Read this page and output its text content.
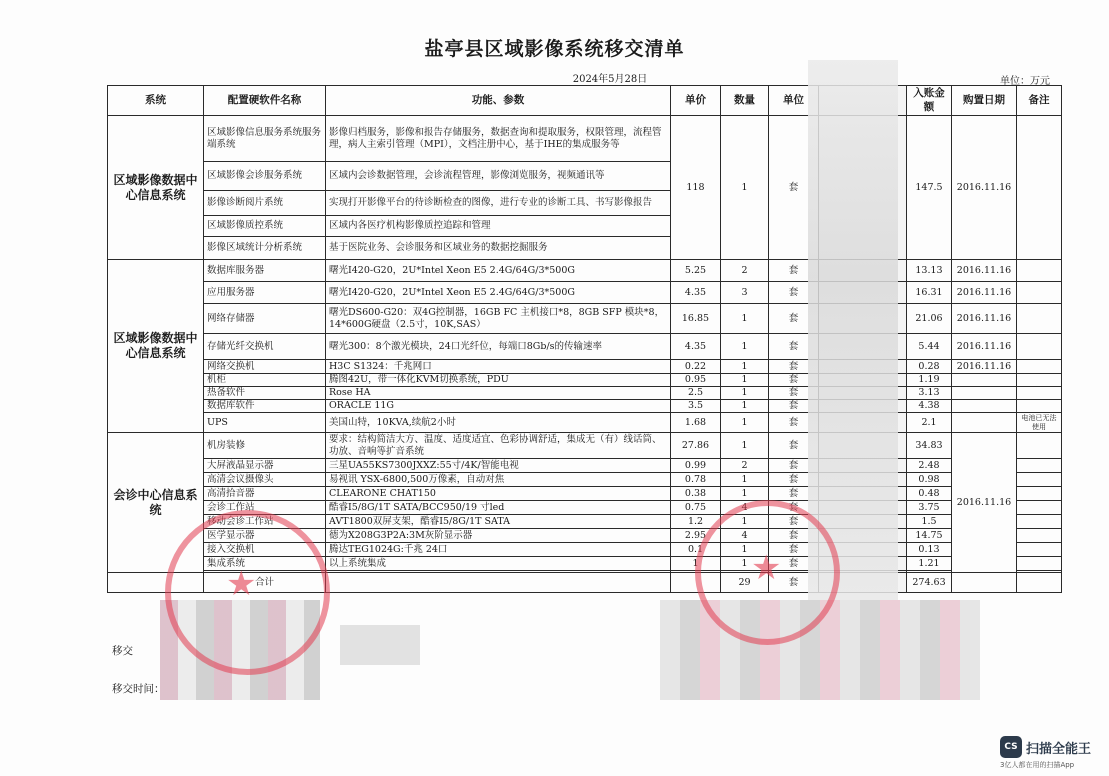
盐亭县区域影像系统移交清单
2024年5月28日	单位：万元
系统	配置硬软件名称	功能、参数	单价	数量	单位		入账金额	购置日期	备注
区域影像数据中心信息系统	区域影像信息服务系统服务端系统	影像归档服务，影像和报告存储服务，数据查询和提取服务，权限管理，流程管理，病人主索引管理（MPI），文档注册中心，基于IHE的集成服务等	118	1	套		147.5	2016.11.16	
	区域影像会诊服务系统	区域内会诊数据管理，会诊流程管理，影像浏览服务，视频通讯等							
	影像诊断阅片系统	实现打开影像平台的待诊断检查的图像，进行专业的诊断工具、书写影像报告							
	区域影像质控系统	区域内各医疗机构影像质控追踪和管理							
	影像区域统计分析系统	基于医院业务、会诊服务和区域业务的数据挖掘服务							
区域影像数据中心信息系统	数据库服务器	曙光I420-G20，2U*Intel Xeon E5 2.4G/64G/3*500G	5.25	2	套		13.13	2016.11.16	
	应用服务器	曙光I420-G20，2U*Intel Xeon E5 2.4G/64G/3*500G	4.35	3	套		16.31	2016.11.16	
	网络存储器	曙光DS600-G20：双4G控制器，16GB FC 主机接口*8，8GB SFP 模块*8，14*600G硬盘（2.5寸，10K,SAS）	16.85	1	套		21.06	2016.11.16	
	存储光纤交换机	曙光300：8个激光模块，24口光纤位，每端口8Gb/s的传输速率	4.35	1	套		5.44	2016.11.16	
	网络交换机	H3C S1324：千兆网口	0.22	1	套		0.28	2016.11.16	
	机柜	腾图42U，带一体化KVM切换系统，PDU	0.95	1	套		1.19		
	热备软件	Rose HA	2.5	1	套		3.13		
	数据库软件	ORACLE 11G	3.5	1	套		4.38		
	UPS	美国山特，10KVA,续航2小时	1.68	1	套		2.1		电池已无法使用
会诊中心信息系统	机房装修	要求：结构简洁大方、温度、适度适宜、色彩协调舒适，集成无（有）线话筒、功放、音响等扩音系统	27.86	1	套		34.83	2016.11.16	
	大屏液晶显示器	三星UA55KS7300JXXZ:55寸/4K/智能电视	0.99	2	套		2.48		
	高清会议摄像头	易视讯 YSX-6800,500万像素，自动对焦	0.78	1	套		0.98		
	高清拾音器	CLEARONE CHAT150	0.38	1	套		0.48		
	会诊工作站	酷睿I5/8G/1T SATA/BCC950/19 寸led	0.75	4	套		3.75		
	移动会诊工作站	AVT1800双屏支架，酷睿I5/8G/1T SATA	1.2	1	套		1.5		
	医学显示器	德为X208G3P2A:3M灰阶显示器	2.95	4	套		14.75		
	接入交换机	腾达TEG1024G:千兆 24口	0.1	1	套		0.13		
	集成系统	以上系统集成	1	1	套		1.21		

	合计			29	套		274.63		
★	★
移交
移交时间：
CS 扫描全能王
3亿人都在用的扫描App
